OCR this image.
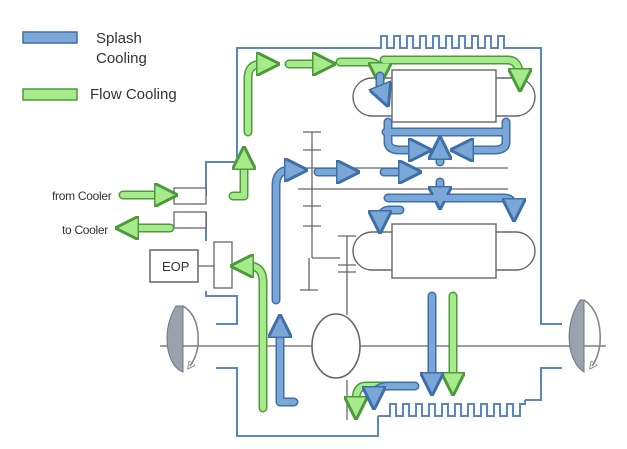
Splash
Cooling
Flow Cooling
from Cooler
to Cooler
EOP
